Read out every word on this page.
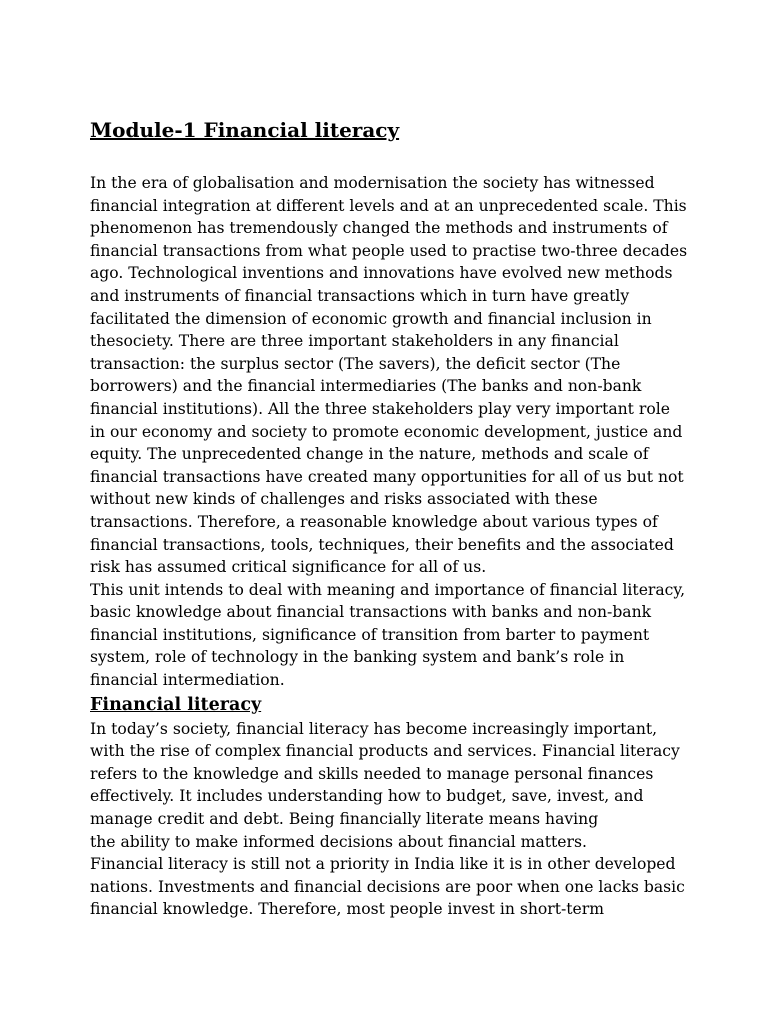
Module-1 Financial literacy

In the era of globalisation and modernisation the society has witnessed
financial integration at different levels and at an unprecedented scale. This
phenomenon has tremendously changed the methods and instruments of
financial transactions from what people used to practise two-three decades
ago. Technological inventions and innovations have evolved new methods
and instruments of financial transactions which in turn have greatly
facilitated the dimension of economic growth and financial inclusion in
thesociety. There are three important stakeholders in any financial
transaction: the surplus sector (The savers), the deficit sector (The
borrowers) and the financial intermediaries (The banks and non-bank
financial institutions). All the three stakeholders play very important role
in our economy and society to promote economic development, justice and
equity. The unprecedented change in the nature, methods and scale of
financial transactions have created many opportunities for all of us but not
without new kinds of challenges and risks associated with these
transactions. Therefore, a reasonable knowledge about various types of
financial transactions, tools, techniques, their benefits and the associated
risk has assumed critical significance for all of us.

This unit intends to deal with meaning and importance of financial literacy,
basic knowledge about financial transactions with banks and non-bank
financial institutions, significance of transition from barter to payment
system, role of technology in the banking system and bank’s role in
financial intermediation.

Financial literacy

In today’s society, financial literacy has become increasingly important,
with the rise of complex financial products and services. Financial literacy
refers to the knowledge and skills needed to manage personal finances
effectively. It includes understanding how to budget, save, invest, and
manage credit and debt. Being financially literate means having
the ability to make informed decisions about financial matters.

Financial literacy is still not a priority in India like it is in other developed
nations. Investments and financial decisions are poor when one lacks basic
financial knowledge. Therefore, most people invest in short-term
